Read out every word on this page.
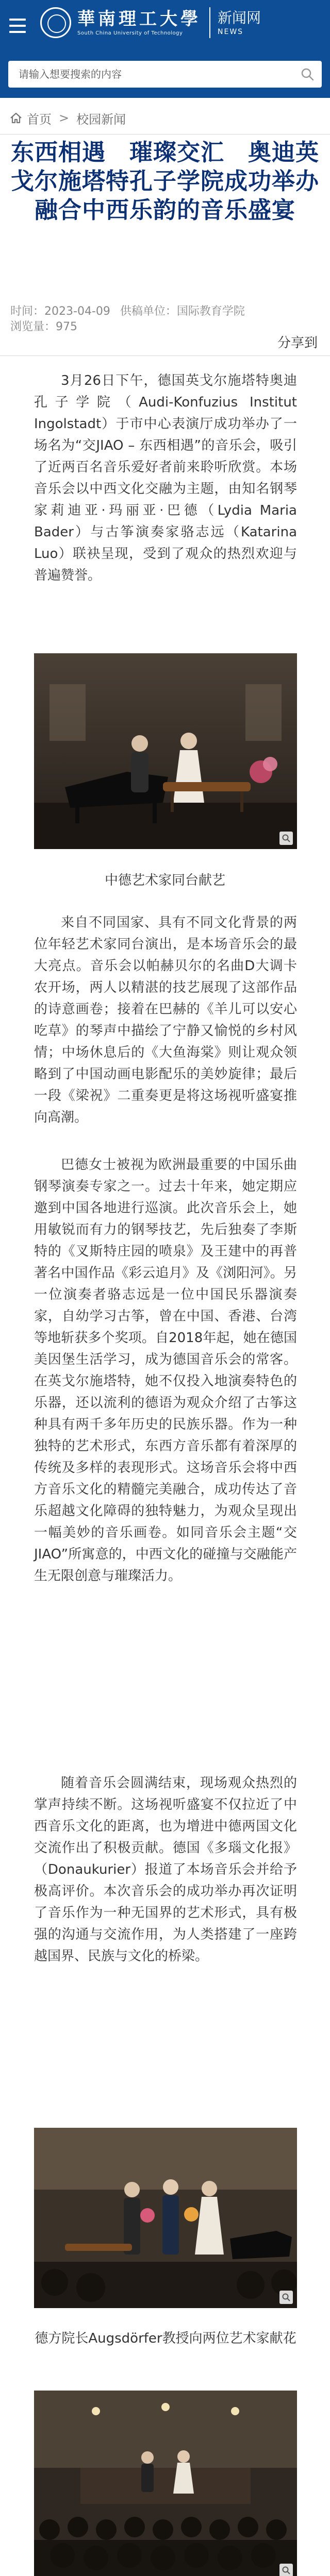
華南理工大學
South China University of Technology
新闻网
NEWS
请输入想要搜索的内容
首页 > 校园新闻
东西相遇　璀璨交汇　奥迪英戈尔施塔特孔子学院成功举办融合中西乐韵的音乐盛宴
时间：2023-04-09 供稿单位：国际教育学院
浏览量：975
分享到

3月26日下午，德国英戈尔施塔特奥迪孔子学院（Audi-Konfuzius Institut Ingolstadt）于市中心表演厅成功举办了一场名为“交JIAO – 东西相遇”的音乐会，吸引了近两百名音乐爱好者前来聆听欣赏。本场音乐会以中西文化交融为主题，由知名钢琴家莉迪亚·玛丽亚·巴德（Lydia Maria Bader）与古筝演奏家骆志远（Katarina Luo）联袂呈现，受到了观众的热烈欢迎与普遍赞誉。

中德艺术家同台献艺

来自不同国家、具有不同文化背景的两位年轻艺术家同台演出，是本场音乐会的最大亮点。音乐会以帕赫贝尔的名曲D大调卡农开场，两人以精湛的技艺展现了这部作品的诗意画卷；接着在巴赫的《羊儿可以安心吃草》的琴声中描绘了宁静又愉悦的乡村风情；中场休息后的《大鱼海棠》则让观众领略到了中国动画电影配乐的美妙旋律；最后一段《梁祝》二重奏更是将这场视听盛宴推向高潮。

巴德女士被视为欧洲最重要的中国乐曲钢琴演奏专家之一。过去十年来，她定期应邀到中国各地进行巡演。此次音乐会上，她用敏锐而有力的钢琴技艺，先后独奏了李斯特的《叉斯特庄园的喷泉》及王建中的再普著名中国作品《彩云追月》及《浏阳河》。另一位演奏者骆志远是一位中国民乐器演奏家，自幼学习古筝，曾在中国、香港、台湾等地斩获多个奖项。自2018年起，她在德国美因堡生活学习，成为德国音乐会的常客。在英戈尔施塔特，她不仅投入地演奏特色的乐器，还以流利的德语为观众介绍了古筝这种具有两千多年历史的民族乐器。作为一种独特的艺术形式，东西方音乐都有着深厚的传统及多样的表现形式。这场音乐会将中西方音乐文化的精髓完美融合，成功传达了音乐超越文化障碍的独特魅力，为观众呈现出一幅美妙的音乐画卷。如同音乐会主题“交JIAO”所寓意的，中西文化的碰撞与交融能产生无限创意与璀璨活力。

随着音乐会圆满结束，现场观众热烈的掌声持续不断。这场视听盛宴不仅拉近了中西音乐文化的距离，也为增进中德两国文化交流作出了积极贡献。德国《多瑙文化报》（Donaukurier）报道了本场音乐会并给予极高评价。本次音乐会的成功举办再次证明了音乐作为一种无国界的艺术形式，具有极强的沟通与交流作用，为人类搭建了一座跨越国界、民族与文化的桥梁。

德方院长Augsdörfer教授向两位艺术家献花
